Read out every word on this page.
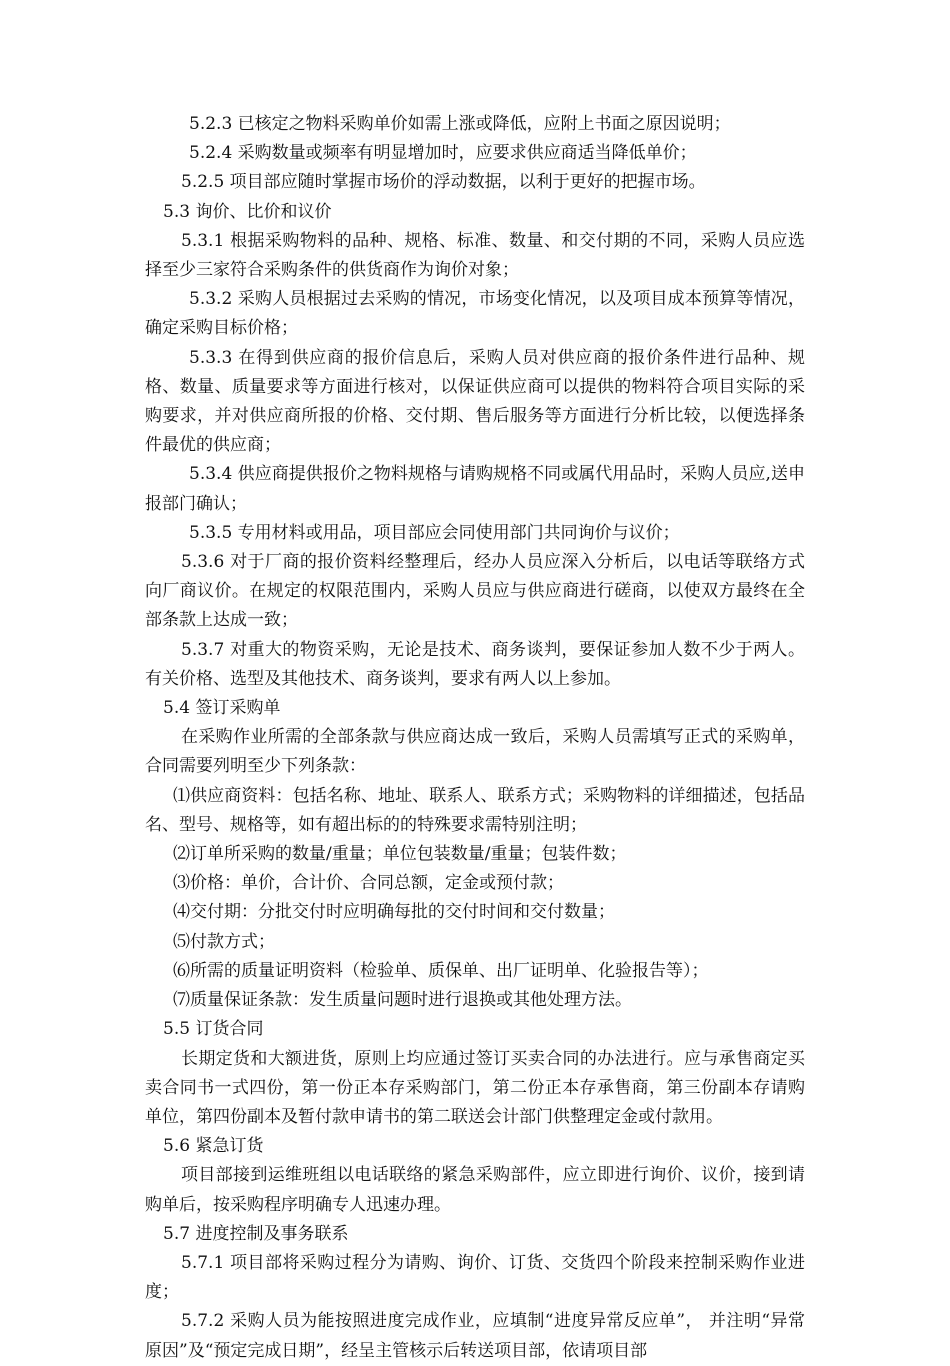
5.2.3 已核定之物料采购单价如需上涨或降低，应附上书面之原因说明；
5.2.4 采购数量或频率有明显增加时，应要求供应商适当降低单价；
5.2.5 项目部应随时掌握市场价的浮动数据，以利于更好的把握市场。
5.3 询价、比价和议价
5.3.1 根据采购物料的品种、规格、标准、数量、和交付期的不同，采购人员应选择至少三家符合采购条件的供货商作为询价对象；
5.3.2 采购人员根据过去采购的情况，市场变化情况，以及项目成本预算等情况，确定采购目标价格；
5.3.3 在得到供应商的报价信息后，采购人员对供应商的报价条件进行品种、规格、数量、质量要求等方面进行核对，以保证供应商可以提供的物料符合项目实际的采购要求，并对供应商所报的价格、交付期、售后服务等方面进行分析比较，以便选择条件最优的供应商；
5.3.4 供应商提供报价之物料规格与请购规格不同或属代用品时，采购人员应,送申报部门确认；
5.3.5 专用材料或用品，项目部应会同使用部门共同询价与议价；
5.3.6 对于厂商的报价资料经整理后，经办人员应深入分析后，以电话等联络方式向厂商议价。在规定的权限范围内，采购人员应与供应商进行磋商，以使双方最终在全部条款上达成一致；
5.3.7 对重大的物资采购，无论是技术、商务谈判，要保证参加人数不少于两人。有关价格、选型及其他技术、商务谈判，要求有两人以上参加。
5.4 签订采购单
在采购作业所需的全部条款与供应商达成一致后，采购人员需填写正式的采购单，合同需要列明至少下列条款：
⑴供应商资料：包括名称、地址、联系人、联系方式；采购物料的详细描述，包括品名、型号、规格等，如有超出标的的特殊要求需特别注明；
⑵订单所采购的数量/重量；单位包装数量/重量；包装件数；
⑶价格：单价，合计价、合同总额，定金或预付款；
⑷交付期：分批交付时应明确每批的交付时间和交付数量；
⑸付款方式；
⑹所需的质量证明资料（检验单、质保单、出厂证明单、化验报告等）；
⑺质量保证条款：发生质量问题时进行退换或其他处理方法。
5.5 订货合同
长期定货和大额进货，原则上均应通过签订买卖合同的办法进行。应与承售商定买卖合同书一式四份，第一份正本存采购部门，第二份正本存承售商，第三份副本存请购单位，第四份副本及暂付款申请书的第二联送会计部门供整理定金或付款用。
5.6 紧急订货
项目部接到运维班组以电话联络的紧急采购部件，应立即进行询价、议价，接到请购单后，按采购程序明确专人迅速办理。
5.7 进度控制及事务联系
5.7.1 项目部将采购过程分为请购、询价、订货、交货四个阶段来控制采购作业进度；
5.7.2 采购人员为能按照进度完成作业，应填制“进度异常反应单”， 并注明“异常原因”及“预定完成日期”，经呈主管核示后转送项目部，依请项目部
